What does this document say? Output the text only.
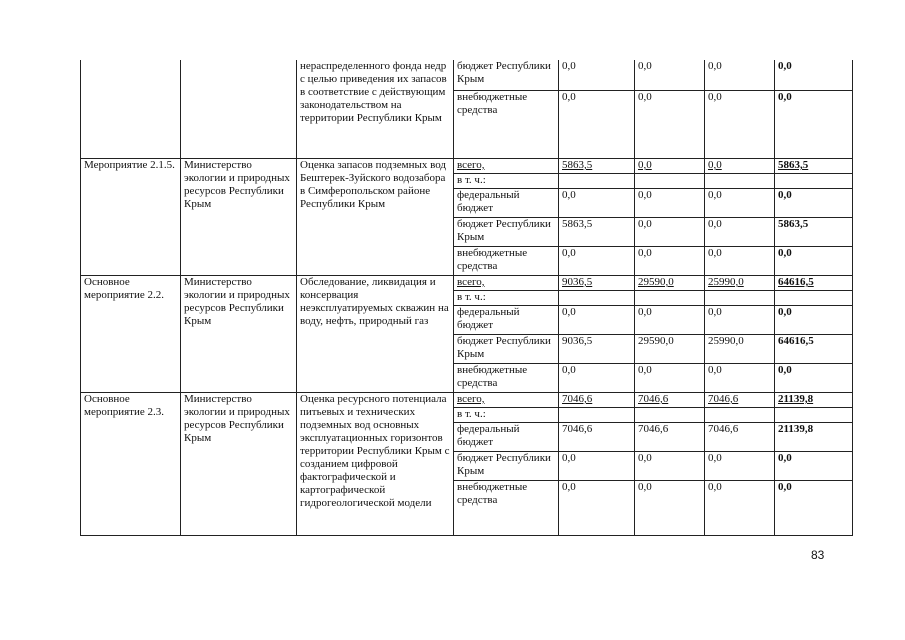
		нераспределенного фонда недр с целью приведения их запасов в соответствие с действующим законодательством на территории Республики Крым	бюджет Республики Крым	0,0	0,0	0,0	0,0
			внебюджетные средства	0,0	0,0	0,0	0,0
Мероприятие 2.1.5.	Министерство экологии и природных ресурсов Республики Крым	Оценка запасов подземных вод Бештерек-Зуйского водозабора в Симферопольском районе Республики Крым	всего,	5863,5	0,0	0,0	5863,5
			в т. ч.:				
			федеральный бюджет	0,0	0,0	0,0	0,0
			бюджет Республики Крым	5863,5	0,0	0,0	5863,5
			внебюджетные средства	0,0	0,0	0,0	0,0
Основное мероприятие 2.2.	Министерство экологии и природных ресурсов Республики Крым	Обследование, ликвидация и консервация неэксплуатируемых скважин на воду, нефть, природный газ	всего,	9036,5	29590,0	25990,0	64616,5
			в т. ч.:				
			федеральный бюджет	0,0	0,0	0,0	0,0
			бюджет Республики Крым	9036,5	29590,0	25990,0	64616,5
			внебюджетные средства	0,0	0,0	0,0	0,0
Основное мероприятие 2.3.	Министерство экологии и природных ресурсов Республики Крым	Оценка ресурсного потенциала питьевых и технических подземных вод основных эксплуатационных горизонтов территории Республики Крым с созданием цифровой фактографической и картографической гидрогеологической модели	всего,	7046,6	7046,6	7046,6	21139,8
			в т. ч.:				
			федеральный бюджет	7046,6	7046,6	7046,6	21139,8
			бюджет Республики Крым	0,0	0,0	0,0	0,0
			внебюджетные средства	0,0	0,0	0,0	0,0
83
